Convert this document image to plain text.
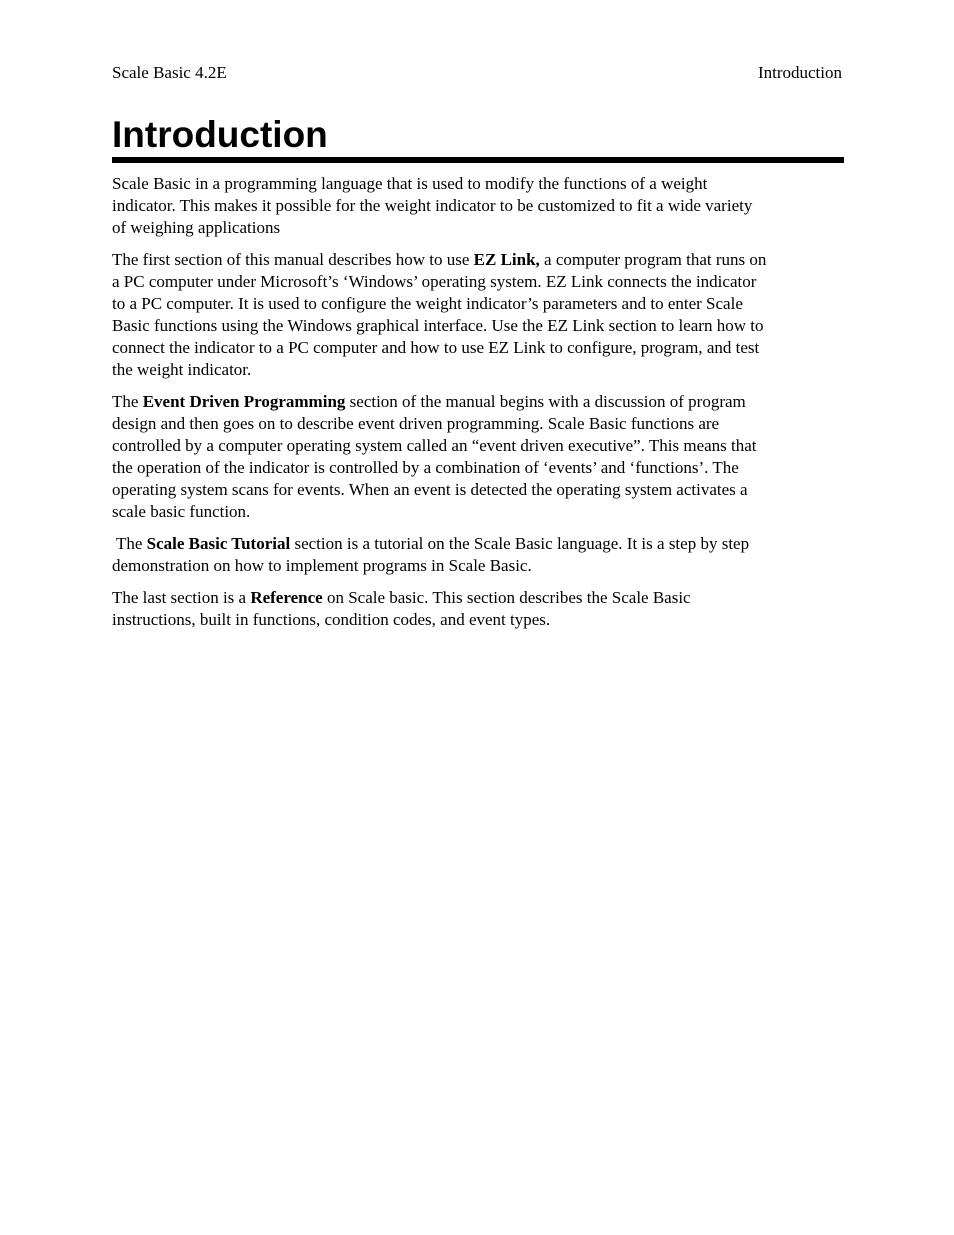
Scale Basic 4.2E	Introduction
Introduction

Scale Basic in a programming language that is used to modify the functions of a weight
indicator. This makes it possible for the weight indicator to be customized to fit a wide variety
of weighing applications

The first section of this manual describes how to use EZ Link, a computer program that runs on
a PC computer under Microsoft’s ‘Windows’ operating system. EZ Link connects the indicator
to a PC computer. It is used to configure the weight indicator’s parameters and to enter Scale
Basic functions using the Windows graphical interface. Use the EZ Link section to learn how to
connect the indicator to a PC computer and how to use EZ Link to configure, program, and test
the weight indicator.

The Event Driven Programming section of the manual begins with a discussion of program
design and then goes on to describe event driven programming. Scale Basic functions are
controlled by a computer operating system called an “event driven executive”. This means that
the operation of the indicator is controlled by a combination of ‘events’ and ‘functions’. The
operating system scans for events. When an event is detected the operating system activates a
scale basic function.

The Scale Basic Tutorial section is a tutorial on the Scale Basic language. It is a step by step
demonstration on how to implement programs in Scale Basic.

The last section is a Reference on Scale basic. This section describes the Scale Basic
instructions, built in functions, condition codes, and event types.
